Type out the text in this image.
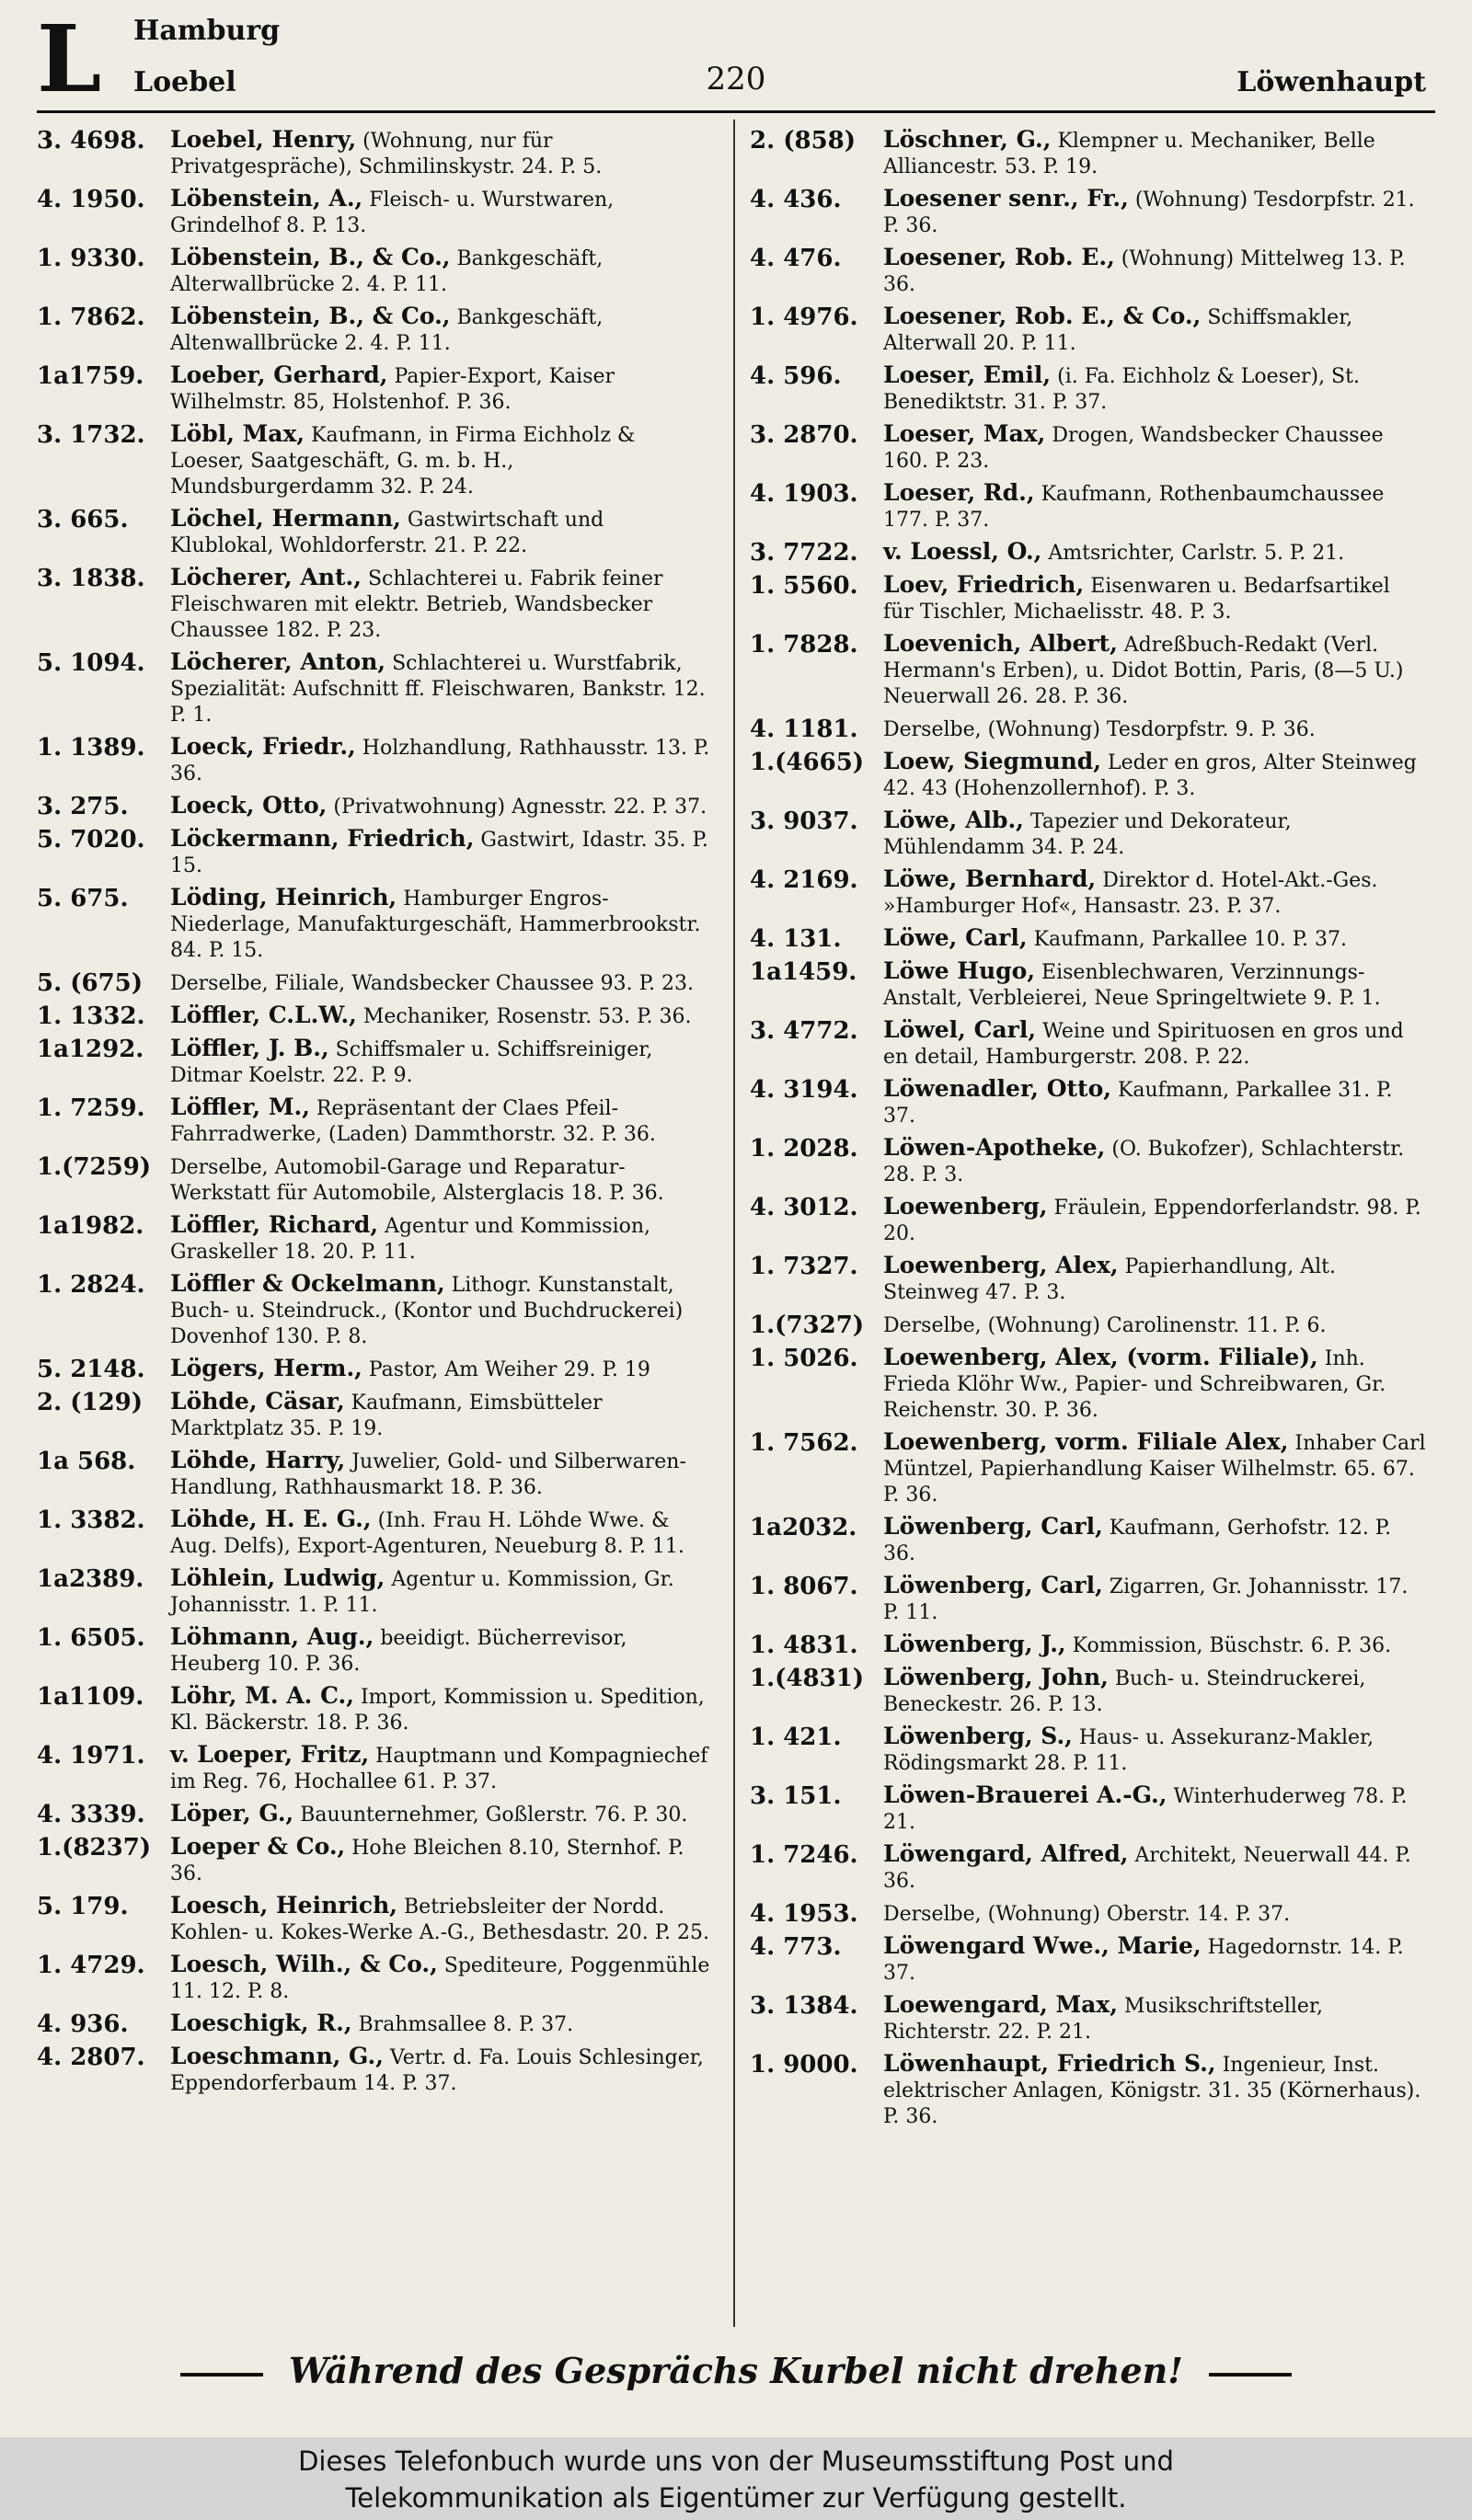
L Hamburg
Loebel	220	Löwenhaupt
3. 4698.	Loebel, Henry, (Wohnung, nur für Privatgespräche), Schmilinskystr. 24. P. 5.
4. 1950.	Löbenstein, A., Fleisch- u. Wurstwaren, Grindelhof 8. P. 13.
1. 9330.	Löbenstein, B., & Co., Bankgeschäft, Alterwallbrücke 2. 4. P. 11.
1. 7862.	Löbenstein, B., & Co., Bankgeschäft, Altenwallbrücke 2. 4. P. 11.
1a1759.	Loeber, Gerhard, Papier-Export, Kaiser Wilhelmstr. 85, Holstenhof. P. 36.
3. 1732.	Löbl, Max, Kaufmann, in Firma Eichholz & Loeser, Saatgeschäft, G. m. b. H., Mundsburgerdamm 32. P. 24.
3. 665.	Löchel, Hermann, Gastwirtschaft und Klublokal, Wohldorferstr. 21. P. 22.
3. 1838.	Löcherer, Ant., Schlachterei u. Fabrik feiner Fleischwaren mit elektr. Betrieb, Wandsbecker Chaussee 182. P. 23.
5. 1094.	Löcherer, Anton, Schlachterei u. Wurstfabrik, Spezialität: Aufschnitt ff. Fleischwaren, Bankstr. 12. P. 1.
1. 1389.	Loeck, Friedr., Holzhandlung, Rathhausstr. 13. P. 36.
3. 275.	Loeck, Otto, (Privatwohnung) Agnesstr. 22. P. 37.
5. 7020.	Löckermann, Friedrich, Gastwirt, Idastr. 35. P. 15.
5. 675.	Löding, Heinrich, Hamburger Engros-Niederlage, Manufakturgeschäft, Hammerbrookstr. 84. P. 15.
5. (675)	Derselbe, Filiale, Wandsbecker Chaussee 93. P. 23.
1. 1332.	Löffler, C.L.W., Mechaniker, Rosenstr. 53. P. 36.
1a1292.	Löffler, J. B., Schiffsmaler u. Schiffsreiniger, Ditmar Koelstr. 22. P. 9.
1. 7259.	Löffler, M., Repräsentant der Claes Pfeil-Fahrradwerke, (Laden) Dammthorstr. 32. P. 36.
1.(7259) Derselbe, Automobil-Garage und Reparatur-Werkstatt für Automobile, Alsterglacis 18. P. 36.
1a1982.	Löffler, Richard, Agentur und Kommission, Graskeller 18. 20. P. 11.
1. 2824.	Löffler & Ockelmann, Lithogr. Kunstanstalt, Buch- u. Steindruck., (Kontor und Buchdruckerei) Dovenhof 130. P. 8.
5. 2148.	Lögers, Herm., Pastor, Am Weiher 29. P. 19
2. (129)	Löhde, Cäsar, Kaufmann, Eimsbütteler Marktplatz 35. P. 19.
1a 568.	Löhde, Harry, Juwelier, Gold- und Silberwaren-Handlung, Rathhausmarkt 18. P. 36.
1. 3382.	Löhde, H. E. G., (Inh. Frau H. Löhde Wwe. & Aug. Delfs), Export-Agenturen, Neueburg 8. P. 11.
1a2389.	Löhlein, Ludwig, Agentur u. Kommission, Gr. Johannisstr. 1. P. 11.
1. 6505.	Löhmann, Aug., beeidigt. Bücherrevisor, Heuberg 10. P. 36.
1a1109.	Löhr, M. A. C., Import, Kommission u. Spedition, Kl. Bäckerstr. 18. P. 36.
4. 1971.	v. Loeper, Fritz, Hauptmann und Kompagniechef im Reg. 76, Hochallee 61. P. 37.
4. 3339.	Löper, G., Bauunternehmer, Goßlerstr. 76. P. 30.
1.(8237) Loeper & Co., Hohe Bleichen 8.10, Sternhof. P. 36.
5. 179.	Loesch, Heinrich, Betriebsleiter der Nordd. Kohlen- u. Kokes-Werke A.-G., Bethesdastr. 20. P. 25.
1. 4729.	Loesch, Wilh., & Co., Spediteure, Poggenmühle 11. 12. P. 8.
4. 936.	Loeschigk, R., Brahmsallee 8. P. 37.
4. 2807.	Loeschmann, G., Vertr. d. Fa. Louis Schlesinger, Eppendorferbaum 14. P. 37.
2. (858)	Löschner, G., Klempner u. Mechaniker, Belle Alliancestr. 53. P. 19.
4. 436.	Loesener senr., Fr., (Wohnung) Tesdorpfstr. 21. P. 36.
4. 476.	Loesener, Rob. E., (Wohnung) Mittelweg 13. P. 36.
1. 4976.	Loesener, Rob. E., & Co., Schiffsmakler, Alterwall 20. P. 11.
4. 596.	Loeser, Emil, (i. Fa. Eichholz & Loeser), St. Benediktstr. 31. P. 37.
3. 2870.	Loeser, Max, Drogen, Wandsbecker Chaussee 160. P. 23.
4. 1903.	Loeser, Rd., Kaufmann, Rothenbaumchaussee 177. P. 37.
3. 7722.	v. Loessl, O., Amtsrichter, Carlstr. 5. P. 21.
1. 5560.	Loev, Friedrich, Eisenwaren u. Bedarfsartikel für Tischler, Michaelisstr. 48. P. 3.
1. 7828.	Loevenich, Albert, Adreßbuch-Redakt (Verl. Hermann's Erben), u. Didot Bottin, Paris, (8—5 U.) Neuerwall 26. 28. P. 36.
4. 1181.	Derselbe, (Wohnung) Tesdorpfstr. 9. P. 36.
1.(4665) Loew, Siegmund, Leder en gros, Alter Steinweg 42. 43 (Hohenzollernhof). P. 3.
3. 9037.	Löwe, Alb., Tapezier und Dekorateur, Mühlendamm 34. P. 24.
4. 2169.	Löwe, Bernhard, Direktor d. Hotel-Akt.-Ges. »Hamburger Hof«, Hansastr. 23. P. 37.
4. 131.	Löwe, Carl, Kaufmann, Parkallee 10. P. 37.
1a1459.	Löwe Hugo, Eisenblechwaren, Verzinnungs-Anstalt, Verbleierei, Neue Springeltwiete 9. P. 1.
3. 4772.	Löwel, Carl, Weine und Spirituosen en gros und en detail, Hamburgerstr. 208. P. 22.
4. 3194.	Löwenadler, Otto, Kaufmann, Parkallee 31. P. 37.
1. 2028.	Löwen-Apotheke, (O. Bukofzer), Schlachterstr. 28. P. 3.
4. 3012.	Loewenberg, Fräulein, Eppendorferlandstr. 98. P. 20.
1. 7327.	Loewenberg, Alex, Papierhandlung, Alt. Steinweg 47. P. 3.
1.(7327) Derselbe, (Wohnung) Carolinenstr. 11. P. 6.
1. 5026.	Loewenberg, Alex, (vorm. Filiale), Inh. Frieda Klöhr Ww., Papier- und Schreibwaren, Gr. Reichenstr. 30. P. 36.
1. 7562.	Loewenberg, vorm. Filiale Alex, Inhaber Carl Müntzel, Papierhandlung Kaiser Wilhelmstr. 65. 67. P. 36.
1a2032.	Löwenberg, Carl, Kaufmann, Gerhofstr. 12. P. 36.
1. 8067.	Löwenberg, Carl, Zigarren, Gr. Johannisstr. 17. P. 11.
1. 4831.	Löwenberg, J., Kommission, Büschstr. 6. P. 36.
1.(4831) Löwenberg, John, Buch- u. Steindruckerei, Beneckestr. 26. P. 13.
1. 421.	Löwenberg, S., Haus- u. Assekuranz-Makler, Rödingsmarkt 28. P. 11.
3. 151.	Löwen-Brauerei A.-G., Winterhuderweg 78. P. 21.
1. 7246.	Löwengard, Alfred, Architekt, Neuerwall 44. P. 36.
4. 1953.	Derselbe, (Wohnung) Oberstr. 14. P. 37.
4. 773.	Löwengard Wwe., Marie, Hagedornstr. 14. P. 37.
3. 1384.	Loewengard, Max, Musikschriftsteller, Richterstr. 22. P. 21.
1. 9000.	Löwenhaupt, Friedrich S., Ingenieur, Inst. elektrischer Anlagen, Königstr. 31. 35 (Körnerhaus). P. 36.
Während des Gesprächs Kurbel nicht drehen!
Dieses Telefonbuch wurde uns von der Museumsstiftung Post und
Telekommunikation als Eigentümer zur Verfügung gestellt.
